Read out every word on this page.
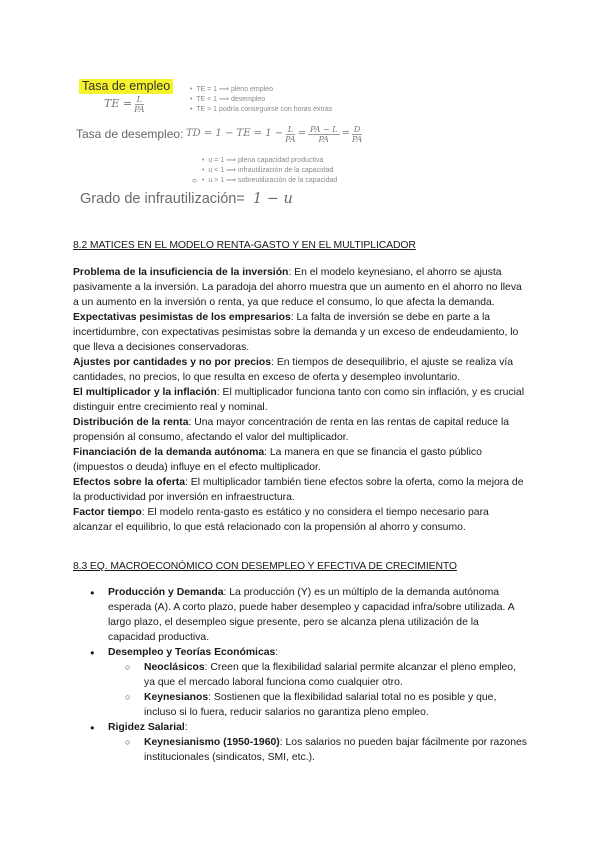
Tasa de empleo
TE = $\frac{L}{PA}$
•  TE = 1 ⟹ pleno empleo
•  TE < 1 ⟹ desempleo
•  TE > 1 podría conseguirse con horas extras
Tasa de desempleo: TD = 1 − TE = $1 - \frac{L}{PA} = \frac{PA - L}{PA} = \frac{D}{PA}$
•  u = 1 ⟹ plena capacidad productiva
•  u < 1 ⟹ infrautilización de la capacidad
•  u > 1 ⟹ sobreutilización de la capacidad
○
Grado de infrautilización= 1 − u
8.2 MATICES EN EL MODELO RENTA-GASTO Y EN EL MULTIPLICADOR

Problema de la insuficiencia de la inversión: En el modelo keynesiano, el ahorro se ajusta pasivamente a la inversión. La paradoja del ahorro muestra que un aumento en el ahorro no lleva a un aumento en la inversión o renta, ya que reduce el consumo, lo que afecta la demanda.

Expectativas pesimistas de los empresarios: La falta de inversión se debe en parte a la incertidumbre, con expectativas pesimistas sobre la demanda y un exceso de endeudamiento, lo que lleva a decisiones conservadoras.

Ajustes por cantidades y no por precios: En tiempos de desequilibrio, el ajuste se realiza vía cantidades, no precios, lo que resulta en exceso de oferta y desempleo involuntario.

El multiplicador y la inflación: El multiplicador funciona tanto con como sin inflación, y es crucial distinguir entre crecimiento real y nominal.

Distribución de la renta: Una mayor concentración de renta en las rentas de capital reduce la propensión al consumo, afectando el valor del multiplicador.

Financiación de la demanda autónoma: La manera en que se financia el gasto público (impuestos o deuda) influye en el efecto multiplicador.

Efectos sobre la oferta: El multiplicador también tiene efectos sobre la oferta, como la mejora de la productividad por inversión en infraestructura.

Factor tiempo: El modelo renta-gasto es estático y no considera el tiempo necesario para alcanzar el equilibrio, lo que está relacionado con la propensión al ahorro y consumo.

8.3 EQ. MACROECONÓMICO CON DESEMPLEO Y EFECTIVA DE CRECIMIENTO
● Producción y Demanda: La producción (Y) es un múltiplo de la demanda autónoma esperada (A). A corto plazo, puede haber desempleo y capacidad infra/sobre utilizada. A largo plazo, el desempleo sigue presente, pero se alcanza plena utilización de la capacidad productiva.
● Desempleo y Teorías Económicas:
○ Neoclásicos: Creen que la flexibilidad salarial permite alcanzar el pleno empleo, ya que el mercado laboral funciona como cualquier otro.
○ Keynesianos: Sostienen que la flexibilidad salarial total no es posible y que, incluso si lo fuera, reducir salarios no garantiza pleno empleo.
● Rigidez Salarial:
○ Keynesianismo (1950-1960): Los salarios no pueden bajar fácilmente por razones institucionales (sindicatos, SMI, etc.).
